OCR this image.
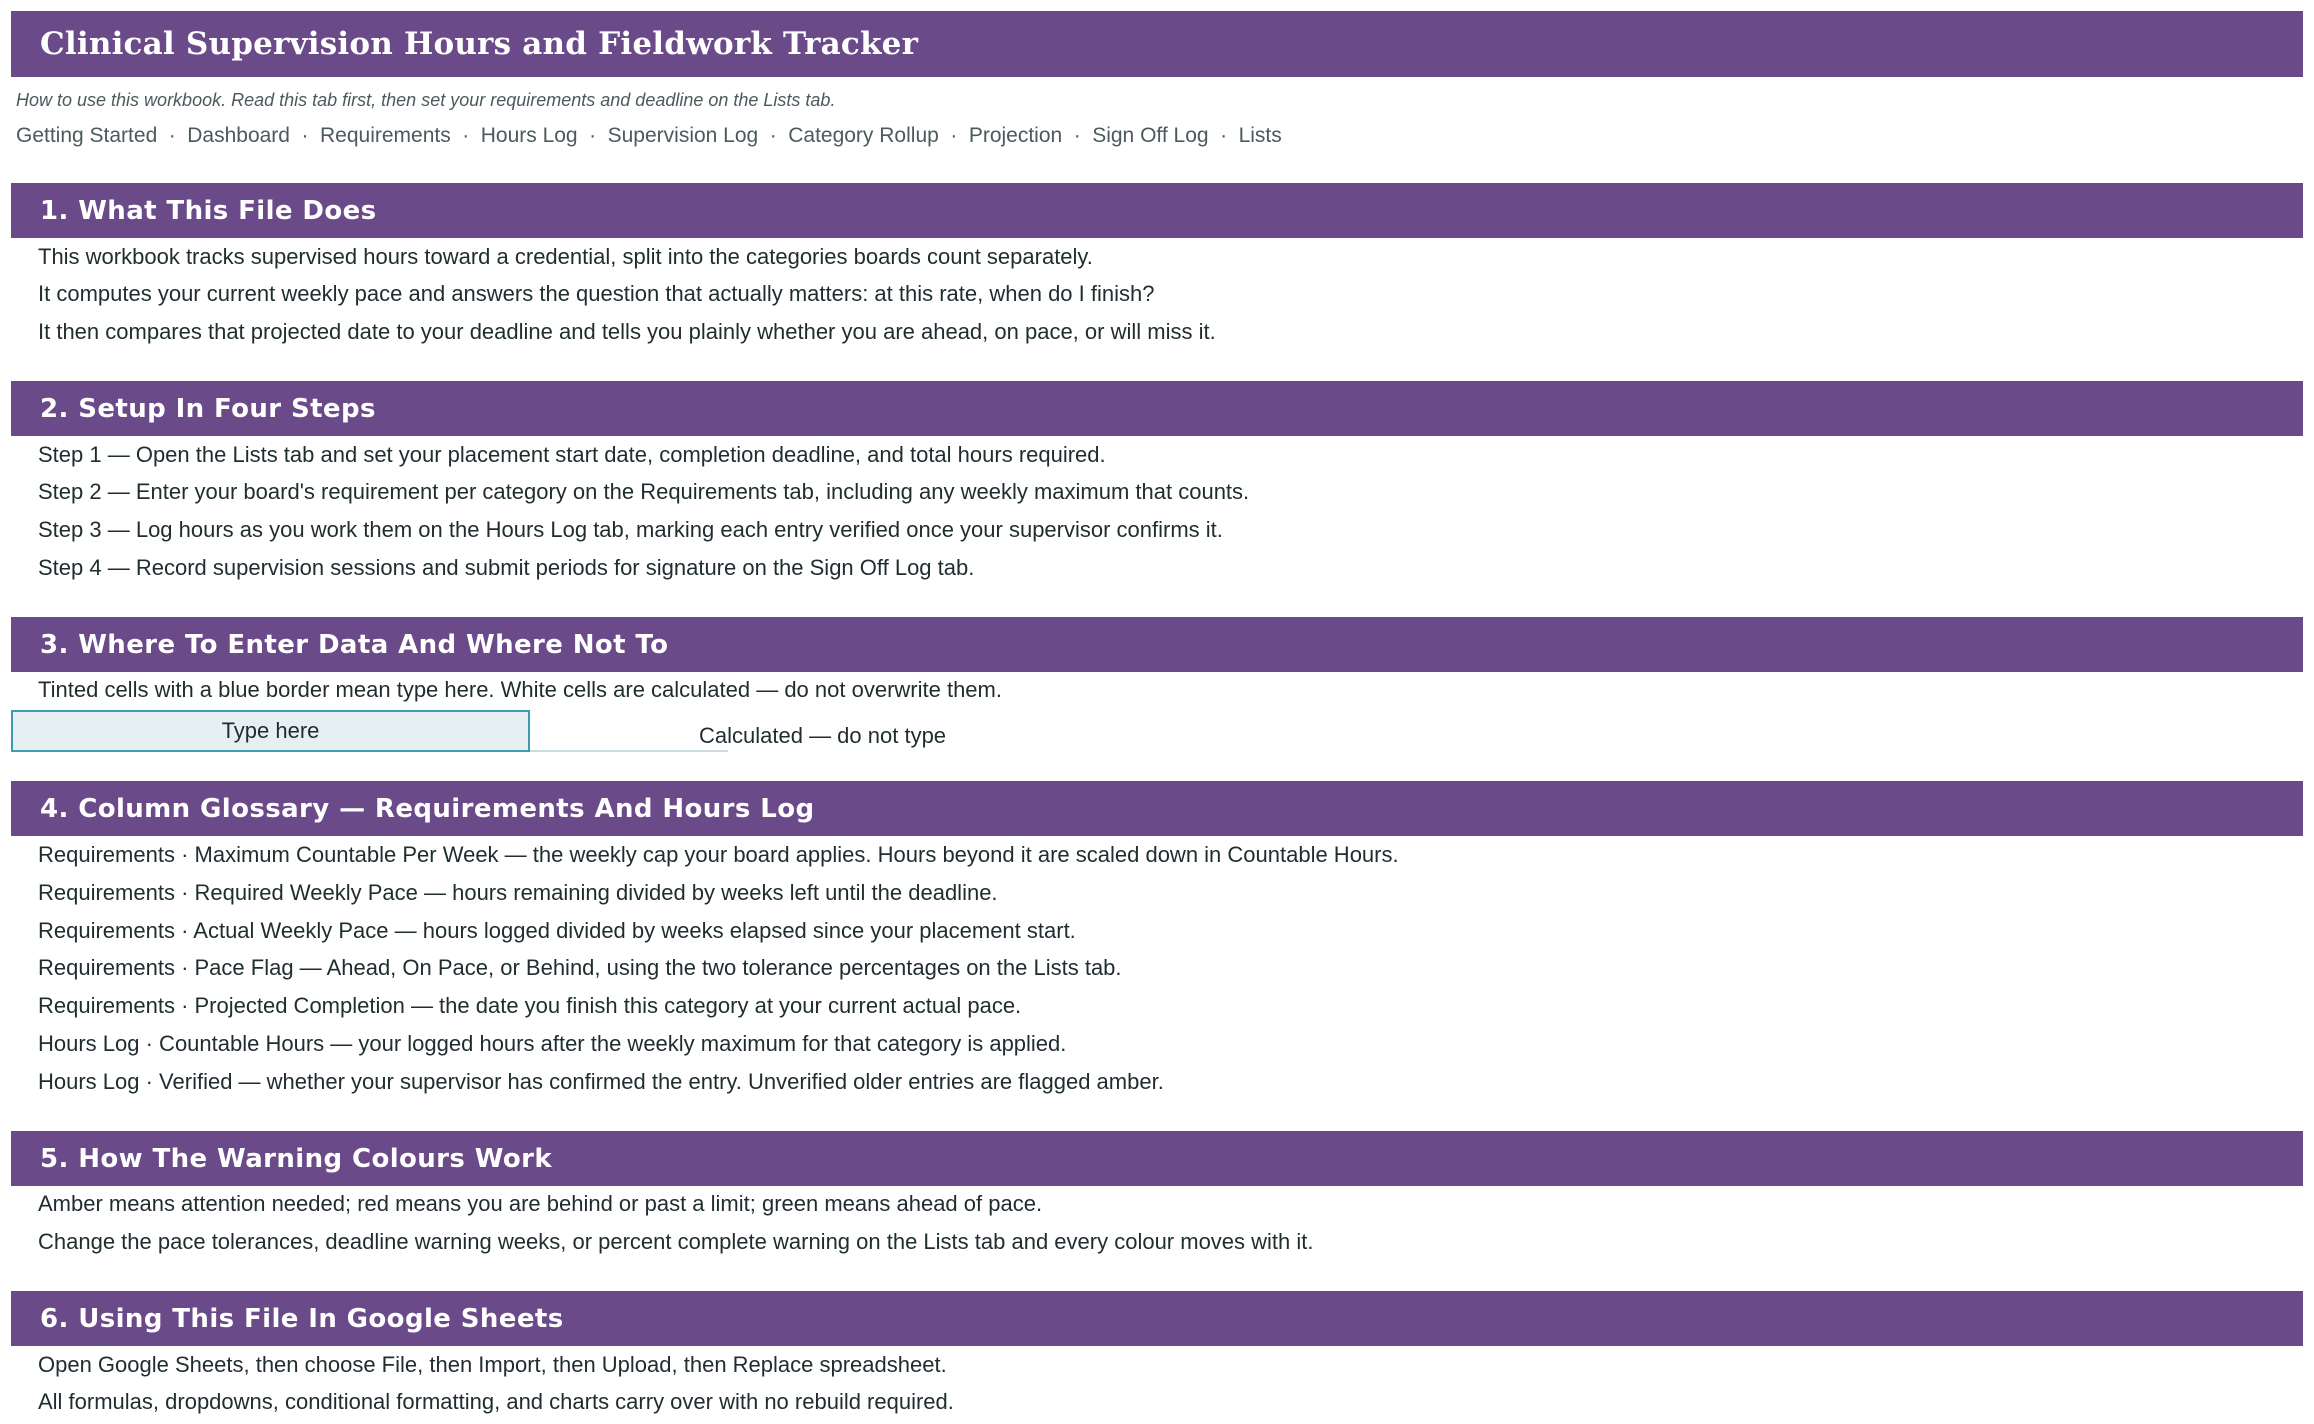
Clinical Supervision Hours and Fieldwork Tracker
How to use this workbook. Read this tab first, then set your requirements and deadline on the Lists tab.
Getting Started · Dashboard · Requirements · Hours Log · Supervision Log · Category Rollup · Projection · Sign Off Log · Lists
1. What This File Does
This workbook tracks supervised hours toward a credential, split into the categories boards count separately.
It computes your current weekly pace and answers the question that actually matters: at this rate, when do I finish?
It then compares that projected date to your deadline and tells you plainly whether you are ahead, on pace, or will miss it.
2. Setup In Four Steps
Step 1 — Open the Lists tab and set your placement start date, completion deadline, and total hours required.
Step 2 — Enter your board's requirement per category on the Requirements tab, including any weekly maximum that counts.
Step 3 — Log hours as you work them on the Hours Log tab, marking each entry verified once your supervisor confirms it.
Step 4 — Record supervision sessions and submit periods for signature on the Sign Off Log tab.
3. Where To Enter Data And Where Not To
Tinted cells with a blue border mean type here. White cells are calculated — do not overwrite them.
Type here	Calculated — do not type
4. Column Glossary — Requirements And Hours Log
Requirements · Maximum Countable Per Week — the weekly cap your board applies. Hours beyond it are scaled down in Countable Hours.
Requirements · Required Weekly Pace — hours remaining divided by weeks left until the deadline.
Requirements · Actual Weekly Pace — hours logged divided by weeks elapsed since your placement start.
Requirements · Pace Flag — Ahead, On Pace, or Behind, using the two tolerance percentages on the Lists tab.
Requirements · Projected Completion — the date you finish this category at your current actual pace.
Hours Log · Countable Hours — your logged hours after the weekly maximum for that category is applied.
Hours Log · Verified — whether your supervisor has confirmed the entry. Unverified older entries are flagged amber.
5. How The Warning Colours Work
Amber means attention needed; red means you are behind or past a limit; green means ahead of pace.
Change the pace tolerances, deadline warning weeks, or percent complete warning on the Lists tab and every colour moves with it.
6. Using This File In Google Sheets
Open Google Sheets, then choose File, then Import, then Upload, then Replace spreadsheet.
All formulas, dropdowns, conditional formatting, and charts carry over with no rebuild required.
